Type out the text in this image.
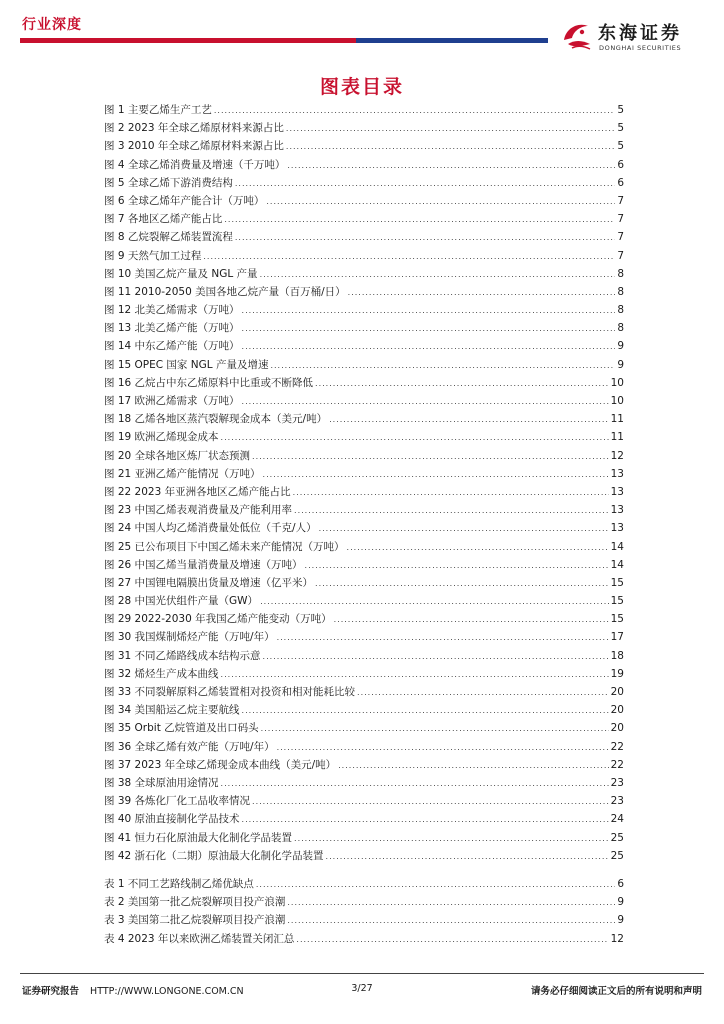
行业深度	东海证券
DONGHAI SECURITIES
图表目录
图 1 主要乙烯生产工艺 .....	5
图 2 2023 年全球乙烯原材料来源占比 .....	5
图 3 2010 年全球乙烯原材料来源占比 .....	5
图 4 全球乙烯消费量及增速（千万吨） .....	6
图 5 全球乙烯下游消费结构 .....	6
图 6 全球乙烯年产能合计（万吨） .....	7
图 7 各地区乙烯产能占比 .....	7
图 8 乙烷裂解乙烯装置流程 .....	7
图 9 天然气加工过程 .....	7
图 10 美国乙烷产量及 NGL 产量 .....	8
图 11 2010-2050 美国各地乙烷产量（百万桶/日） .....	8
图 12 北美乙烯需求（万吨） .....	8
图 13 北美乙烯产能（万吨） .....	8
图 14 中东乙烯产能（万吨） .....	9
图 15 OPEC 国家 NGL 产量及增速 .....	9
图 16 乙烷占中东乙烯原料中比重或不断降低 .....	10
图 17 欧洲乙烯需求（万吨） .....	10
图 18 乙烯各地区蒸汽裂解现金成本（美元/吨） .....	11
图 19 欧洲乙烯现金成本 .....	11
图 20 全球各地区炼厂状态预测 .....	12
图 21 亚洲乙烯产能情况（万吨） .....	13
图 22 2023 年亚洲各地区乙烯产能占比 .....	13
图 23 中国乙烯表观消费量及产能利用率 .....	13
图 24 中国人均乙烯消费量处低位（千克/人） .....	13
图 25 已公布项目下中国乙烯未来产能情况（万吨） .....	14
图 26 中国乙烯当量消费量及增速（万吨） .....	14
图 27 中国锂电隔膜出货量及增速（亿平米） .....	15
图 28 中国光伏组件产量（GW） .....	15
图 29 2022-2030 年我国乙烯产能变动（万吨） .....	15
图 30 我国煤制烯烃产能（万吨/年） .....	17
图 31 不同乙烯路线成本结构示意 .....	18
图 32 烯烃生产成本曲线 .....	19
图 33 不同裂解原料乙烯装置相对投资和相对能耗比较 .....	20
图 34 美国船运乙烷主要航线 .....	20
图 35 Orbit 乙烷管道及出口码头 .....	20
图 36 全球乙烯有效产能（万吨/年） .....	22
图 37 2023 年全球乙烯现金成本曲线（美元/吨） .....	22
图 38 全球原油用途情况 .....	23
图 39 各炼化厂化工品收率情况 .....	23
图 40 原油直接制化学品技术 .....	24
图 41 恒力石化原油最大化制化学品装置 .....	25
图 42 浙石化（二期）原油最大化制化学品装置 .....	25
表 1 不同工艺路线制乙烯优缺点 .....	6
表 2 美国第一批乙烷裂解项目投产浪潮 .....	9
表 3 美国第二批乙烷裂解项目投产浪潮 .....	9
表 4 2023 年以来欧洲乙烯装置关闭汇总 .....	12
证券研究报告 HTTP://WWW.LONGONE.COM.CN	3/27	请务必仔细阅读正文后的所有说明和声明
